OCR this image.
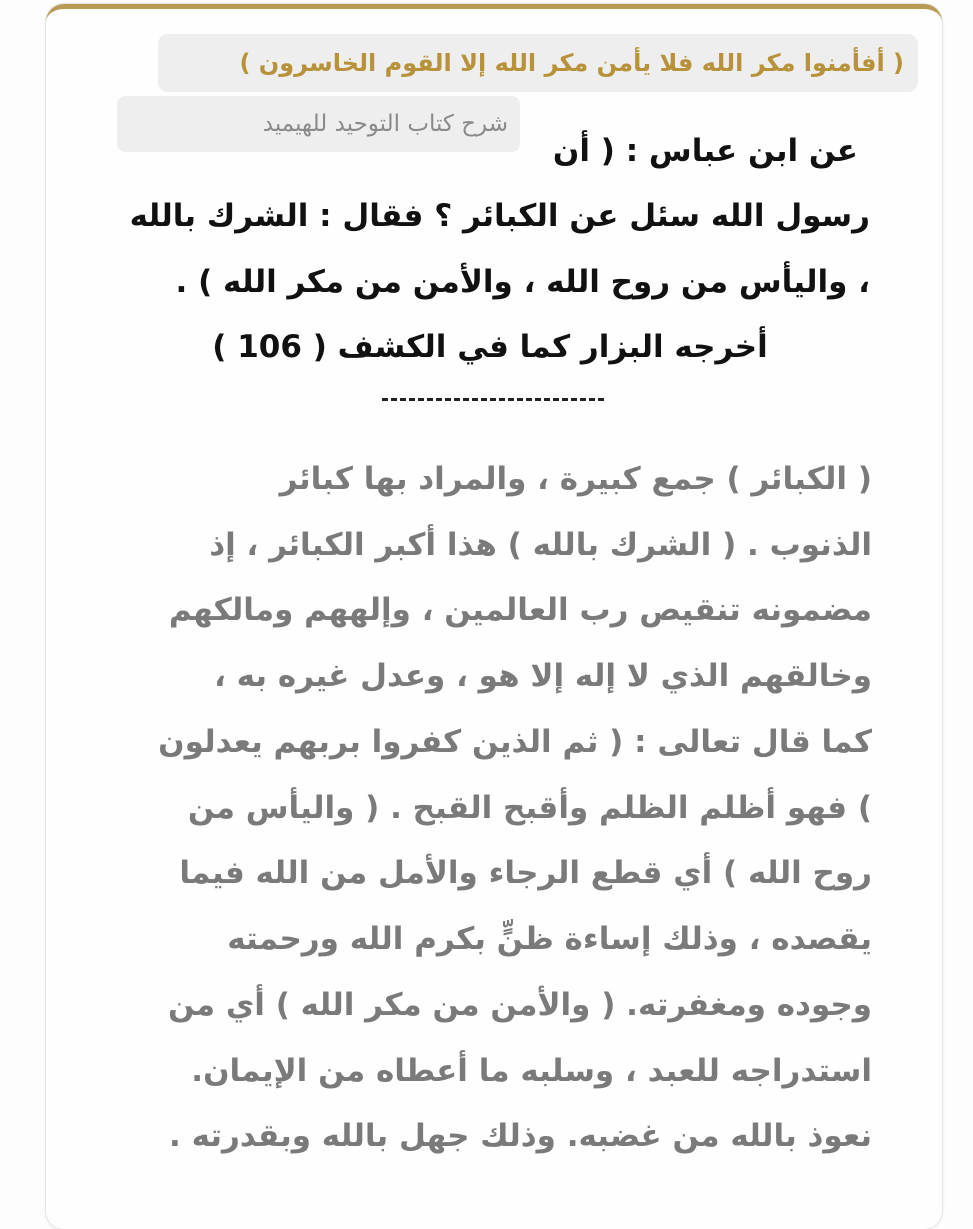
( أفأمنوا مكر الله فلا يأمن مكر الله إلا القوم الخاسرون )
شرح كتاب التوحيد للهيميد
عن ابن عباس : ( أن
رسول الله سئل عن الكبائر ؟ فقال : الشرك بالله
، واليأس من روح الله ، والأمن من مكر الله ) .
أخرجه البزار كما في الكشف ( 106 )
( الكبائر ) جمع كبيرة ، والمراد بها كبائر
الذنوب . ( الشرك بالله ) هذا أكبر الكبائر ، إذ
مضمونه تنقيص رب العالمين ، وإلههم ومالكهم
وخالقهم الذي لا إله إلا هو ، وعدل غيره به ،
كما قال تعالى : ( ثم الذين كفروا بربهم يعدلون
) فهو أظلم الظلم وأقبح القبح . ( واليأس من
روح الله ) أي قطع الرجاء والأمل من الله فيما
يقصده ، وذلك إساءة ظنٍّ بكرم الله ورحمته
وجوده ومغفرته. ( والأمن من مكر الله ) أي من
استدراجه للعبد ، وسلبه ما أعطاه من الإيمان.
نعوذ بالله من غضبه. وذلك جهل بالله وبقدرته .
